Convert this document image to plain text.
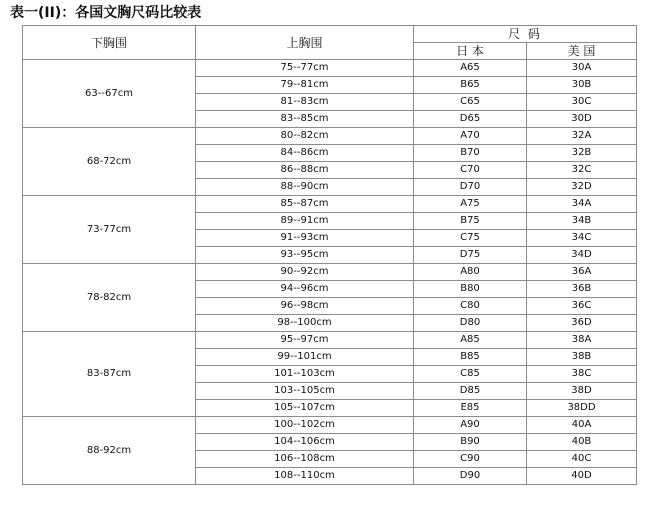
表一(II)：各国文胸尺码比较表
下胸围	上胸围	尺 码	
		日 本	美 国
63--67cm	75--77cm	A65	30A
	79--81cm	B65	30B
	81--83cm	C65	30C
	83--85cm	D65	30D
68-72cm	80--82cm	A70	32A
	84--86cm	B70	32B
	86--88cm	C70	32C
	88--90cm	D70	32D
73-77cm	85--87cm	A75	34A
	89--91cm	B75	34B
	91--93cm	C75	34C
	93--95cm	D75	34D
78-82cm	90--92cm	A80	36A
	94--96cm	B80	36B
	96--98cm	C80	36C
	98--100cm	D80	36D
83-87cm	95--97cm	A85	38A
	99--101cm	B85	38B
	101--103cm	C85	38C
	103--105cm	D85	38D
	105--107cm	E85	38DD
88-92cm	100--102cm	A90	40A
	104--106cm	B90	40B
	106--108cm	C90	40C
	108--110cm	D90	40D
